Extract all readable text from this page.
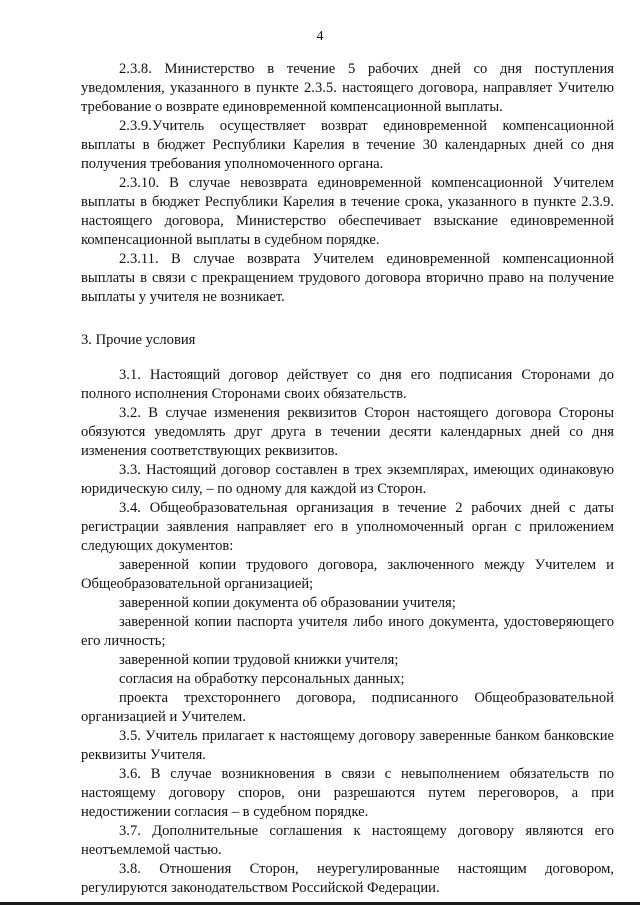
4

2.3.8. Министерство в течение 5 рабочих дней со дня поступления уведомления, указанного в пункте 2.3.5. настоящего договора, направляет Учителю требование о возврате единовременной компенсационной выплаты.

2.3.9.Учитель осуществляет возврат единовременной компенсационной выплаты в бюджет Республики Карелия в течение 30 календарных дней со дня получения требования уполномоченного органа.

2.3.10. В случае невозврата единовременной компенсационной Учителем выплаты в бюджет Республики Карелия в течение срока, указанного в пункте 2.3.9. настоящего договора, Министерство обеспечивает взыскание единовременной компенсационной выплаты в судебном порядке.

2.3.11. В случае возврата Учителем единовременной компенсационной выплаты в связи с прекращением трудового договора вторично право на получение выплаты у учителя не возникает.

3. Прочие условия

3.1. Настоящий договор действует со дня его подписания Сторонами до полного исполнения Сторонами своих обязательств.

3.2. В случае изменения реквизитов Сторон настоящего договора Стороны обязуются уведомлять друг друга в течении десяти календарных дней со дня изменения соответствующих реквизитов.

3.3. Настоящий договор составлен в трех экземплярах, имеющих одинаковую юридическую силу, – по одному для каждой из Сторон.

3.4. Общеобразовательная организация в течение 2 рабочих дней с даты регистрации заявления направляет его в уполномоченный орган с приложением следующих документов:

заверенной копии трудового договора, заключенного между Учителем и Общеобразовательной организацией;

заверенной копии документа об образовании учителя;

заверенной копии паспорта учителя либо иного документа, удостоверяющего его личность;

заверенной копии трудовой книжки учителя;

согласия на обработку персональных данных;

проекта трехстороннего договора, подписанного Общеобразовательной организацией и Учителем.

3.5. Учитель прилагает к настоящему договору заверенные банком банковские реквизиты Учителя.

3.6. В случае возникновения в связи с невыполнением обязательств по настоящему договору споров, они разрешаются путем переговоров, а при недостижении согласия – в судебном порядке.

3.7. Дополнительные соглашения к настоящему договору являются его неотъемлемой частью.

3.8. Отношения Сторон, неурегулированные настоящим договором, регулируются законодательством Российской Федерации.
